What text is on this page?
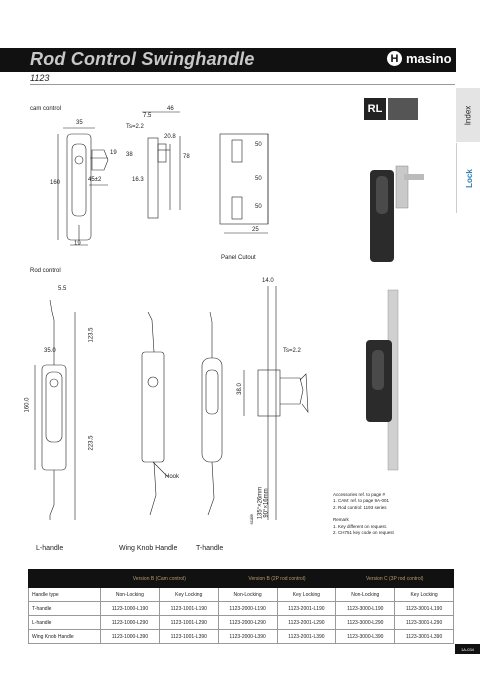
Rod Control Swinghandle	H masino
1123
Index
Lock
cam control
35
7.5
46
Ts=2.2
19 38
16.3
78
20.8
160	45±2
19
50
50
50
25
Panel Cutout
RL
Rod control
5.5
35.0
123.5
160.0
223.5
14.0
Ts=2.2
38.0
scale 135°×26mm 90°×16mm
Hook
L-handle	Wing Knob Handle	T-handle
Accessories ref. to page #
1. CAM: ref. to page 9A-001
2. Rod control: 1193 series
Remark
1. Key different on request.
2. CH751 key code on request
	Version B (Cam control)		Version B (2P rod control)		Version C (3P rod control)	
Handle type	Non-Locking	Key Locking	Non-Locking	Key Locking	Non-Locking	Key Locking
T-handle	1123-1000-L190	1123-1001-L190	1123-2000-L190	1123-2001-L190	1123-3000-L190	1123-3001-L190
L-handle	1123-1000-L290	1123-1001-L290	1123-2000-L290	1123-2001-L290	1123-3000-L290	1123-3001-L290
Wing Knob Handle	1123-1000-L390	1123-1001-L390	1123-2000-L390	1123-2001-L390	1123-3000-L390	1123-3001-L390
1A-034
